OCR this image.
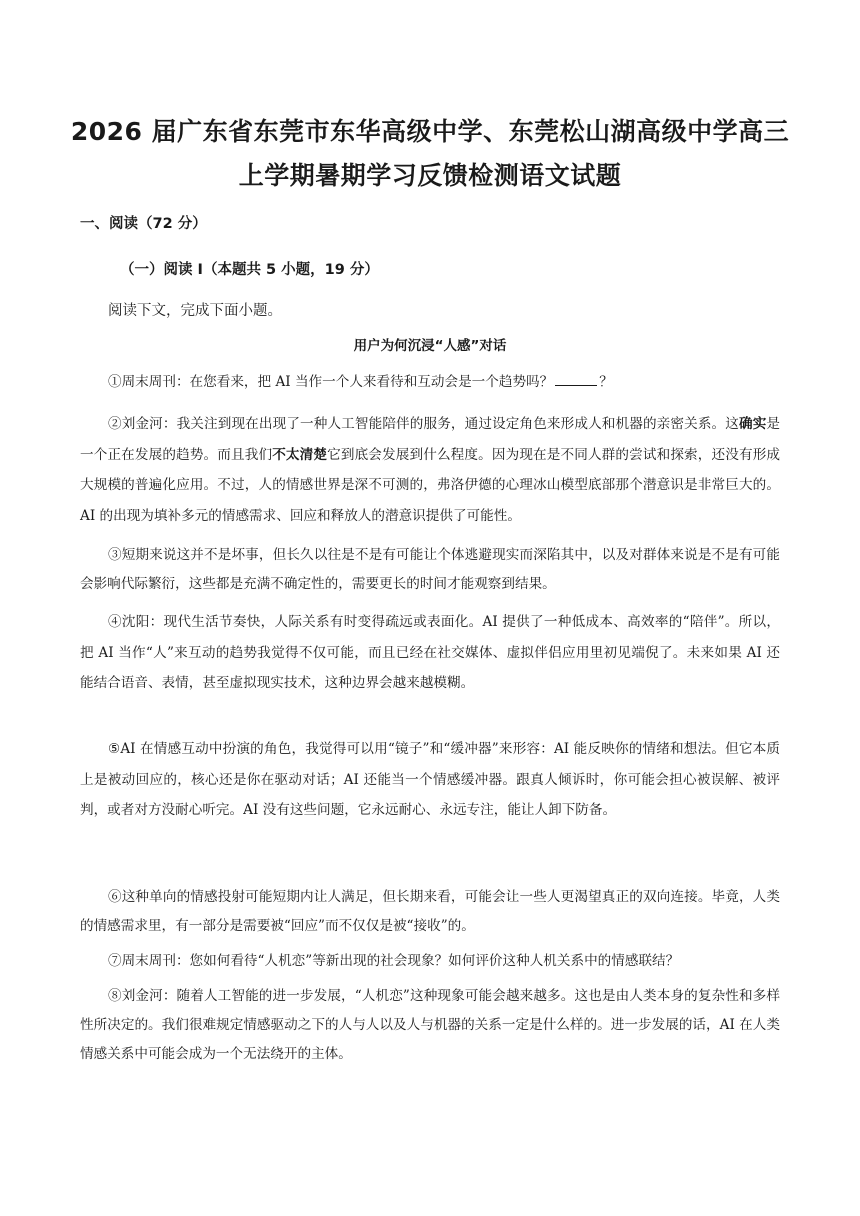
2026 届广东省东莞市东华高级中学、东莞松山湖高级中学高三
上学期暑期学习反馈检测语文试题
一、阅读（72 分）
（一）阅读 I（本题共 5 小题，19 分）
阅读下文，完成下面小题。
用户为何沉浸“人感”对话

①周末周刊：在您看来，把 AI 当作一个人来看待和互动会是一个趋势吗？	？

②刘金河：我关注到现在出现了一种人工智能陪伴的服务，通过设定角色来形成人和机器的亲密关系。这确实是一个正在发展的趋势。而且我们不太清楚它到底会发展到什么程度。因为现在是不同人群的尝试和探索，还没有形成大规模的普遍化应用。不过，人的情感世界是深不可测的，弗洛伊德的心理冰山模型底部那个潜意识是非常巨大的。AI 的出现为填补多元的情感需求、回应和释放人的潜意识提供了可能性。

③短期来说这并不是坏事，但长久以往是不是有可能让个体逃避现实而深陷其中，以及对群体来说是不是有可能会影响代际繁衍，这些都是充满不确定性的，需要更长的时间才能观察到结果。

④沈阳：现代生活节奏快，人际关系有时变得疏远或表面化。AI 提供了一种低成本、高效率的“陪伴”。所以，把 AI 当作“人”来互动的趋势我觉得不仅可能，而且已经在社交媒体、虚拟伴侣应用里初见端倪了。未来如果 AI 还能结合语音、表情，甚至虚拟现实技术，这种边界会越来越模糊。

⑤AI 在情感互动中扮演的角色，我觉得可以用“镜子”和“缓冲器”来形容：AI 能反映你的情绪和想法。但它本质上是被动回应的，核心还是你在驱动对话；AI 还能当一个情感缓冲器。跟真人倾诉时，你可能会担心被误解、被评判，或者对方没耐心听完。AI 没有这些问题，它永远耐心、永远专注，能让人卸下防备。

⑥这种单向的情感投射可能短期内让人满足，但长期来看，可能会让一些人更渴望真正的双向连接。毕竟，人类的情感需求里，有一部分是需要被“回应”而不仅仅是被“接收”的。

⑦周末周刊：您如何看待“人机恋”等新出现的社会现象？如何评价这种人机关系中的情感联结？

⑧刘金河：随着人工智能的进一步发展，“人机恋”这种现象可能会越来越多。这也是由人类本身的复杂性和多样性所决定的。我们很难规定情感驱动之下的人与人以及人与机器的关系一定是什么样的。进一步发展的话，AI 在人类情感关系中可能会成为一个无法绕开的主体。
